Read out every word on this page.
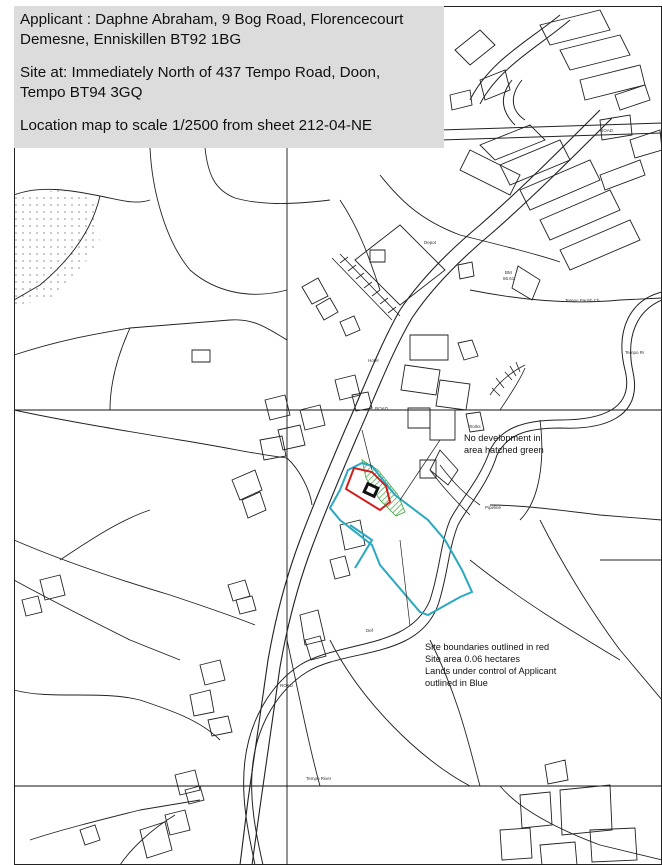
Applicant : Daphne Abraham, 9 Bog Road, Florencecourt
Demesne, Enniskillen BT92 1BG
Site at: Immediately North of 437 Tempo Road, Doon,
Tempo BT94 3GQ
Location map to scale 1/2500 from sheet 212-04-NE
No development in
area hatched green
Site boundaries outlined in red
Site area 0.06 hectares
Lands under control of Applicant
outlined in Blue
Depot
BM
86.61
Tempo Parish Ch
Tempo Ri
Tempo River
ROAD
ROAD
ROAD
Works
Pipeline
Def
Hotel
